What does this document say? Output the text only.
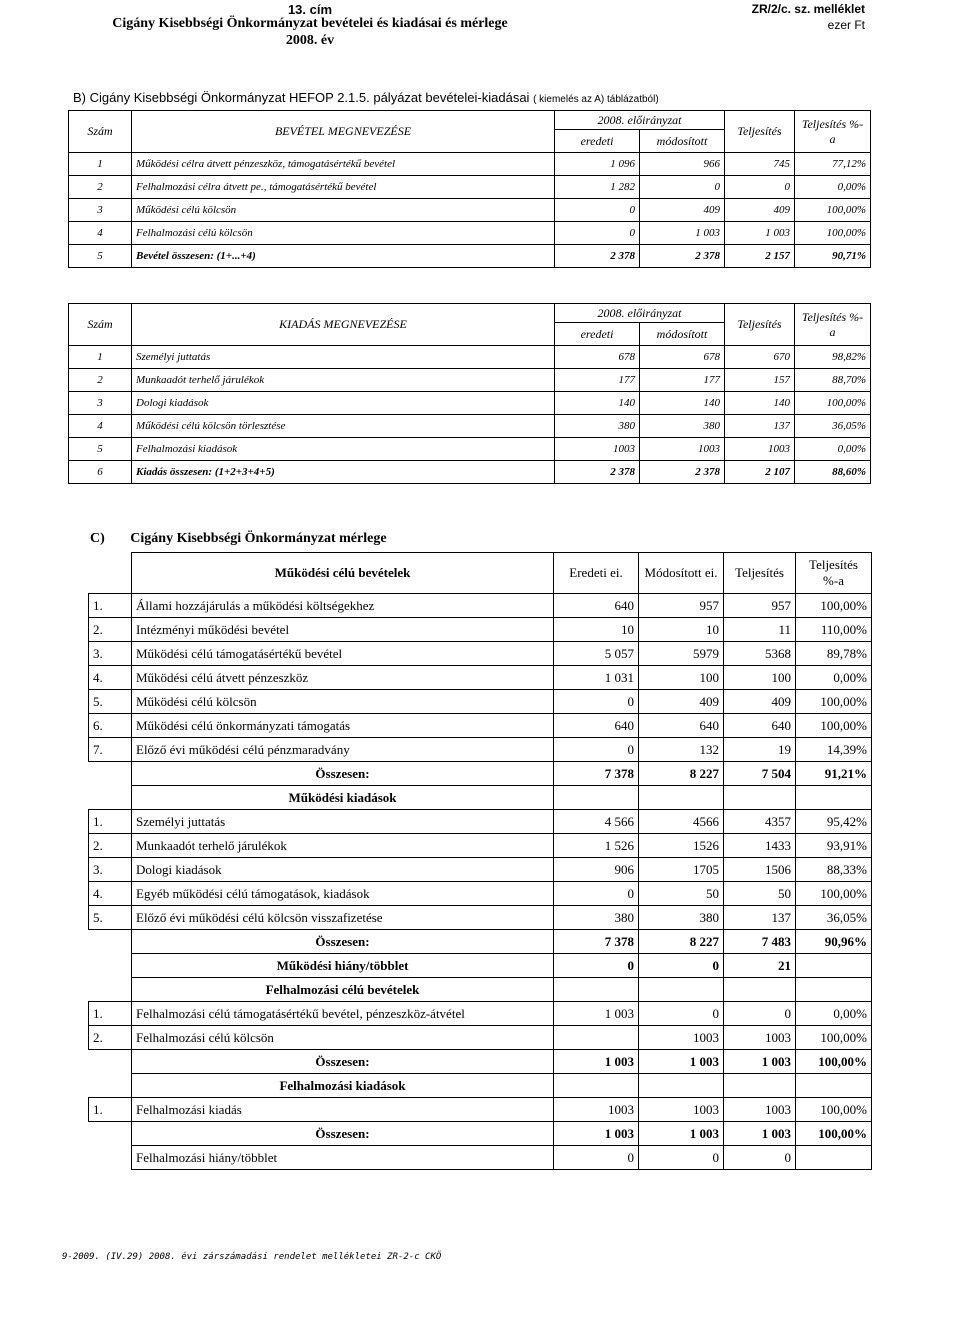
13. cím
Cigány Kisebbségi Önkormányzat bevételei és kiadásai és mérlege
2008. év
ZR/2/c. sz. melléklet
ezer Ft
B) Cigány Kisebbségi Önkormányzat HEFOP 2.1.5. pályázat bevételei-kiadásai ( kiemelés az A) táblázatból)
Szám	BEVÉTEL MEGNEVEZÉSE	2008. előirányzat		Teljesítés	Teljesítés %-a
		eredeti	módosított		
1	Működési célra átvett pénzeszköz, támogatásértékű bevétel	1 096	966	745	77,12%
2	Felhalmozási célra átvett pe., támogatásértékű bevétel	1 282	0	0	0,00%
3	Működési célú kölcsön	0	409	409	100,00%
4	Felhalmozási célú kölcsön	0	1 003	1 003	100,00%
5	Bevétel összesen: (1+...+4)	2 378	2 378	2 157	90,71%
Szám	KIADÁS MEGNEVEZÉSE	2008. előirányzat		Teljesítés	Teljesítés %-a
		eredeti	módosított		
1	Személyi juttatás	678	678	670	98,82%
2	Munkaadót terhelő járulékok	177	177	157	88,70%
3	Dologi kiadások	140	140	140	100,00%
4	Működési célú kölcsön törlesztése	380	380	137	36,05%
5	Felhalmozási kiadások	1003	1003	1003	0,00%
6	Kiadás összesen: (1+2+3+4+5)	2 378	2 378	2 107	88,60%
C) Cigány Kisebbségi Önkormányzat mérlege
	Működési célú bevételek	Eredeti ei.	Módosított ei.	Teljesítés	Teljesítés %-a
1.	Állami hozzájárulás a működési költségekhez	640	957	957	100,00%
2.	Intézményi működési bevétel	10	10	11	110,00%
3.	Működési célú támogatásértékű bevétel	5 057	5979	5368	89,78%
4.	Működési célú átvett pénzeszköz	1 031	100	100	0,00%
5.	Működési célú kölcsön	0	409	409	100,00%
6.	Működési célú önkormányzati támogatás	640	640	640	100,00%
7.	Előző évi működési célú pénzmaradvány	0	132	19	14,39%
	Összesen:	7 378	8 227	7 504	91,21%
	Működési kiadások				
1.	Személyi juttatás	4 566	4566	4357	95,42%
2.	Munkaadót terhelő járulékok	1 526	1526	1433	93,91%
3.	Dologi kiadások	906	1705	1506	88,33%
4.	Egyéb működési célú támogatások, kiadások	0	50	50	100,00%
5.	Előző évi működési célú kölcsön visszafizetése	380	380	137	36,05%
	Összesen:	7 378	8 227	7 483	90,96%
	Működési hiány/többlet	0	0	21	
	Felhalmozási célú bevételek				
1.	Felhalmozási célú támogatásértékű bevétel, pénzeszköz-átvétel	1 003	0	0	0,00%
2.	Felhalmozási célú kölcsön		1003	1003	100,00%
	Összesen:	1 003	1 003	1 003	100,00%
	Felhalmozási kiadások				
1.	Felhalmozási kiadás	1003	1003	1003	100,00%
	Összesen:	1 003	1 003	1 003	100,00%
	Felhalmozási hiány/többlet	0	0	0	
9-2009. (IV.29) 2008. évi zárszámadási rendelet mellékletei ZR-2-c CKÖ
